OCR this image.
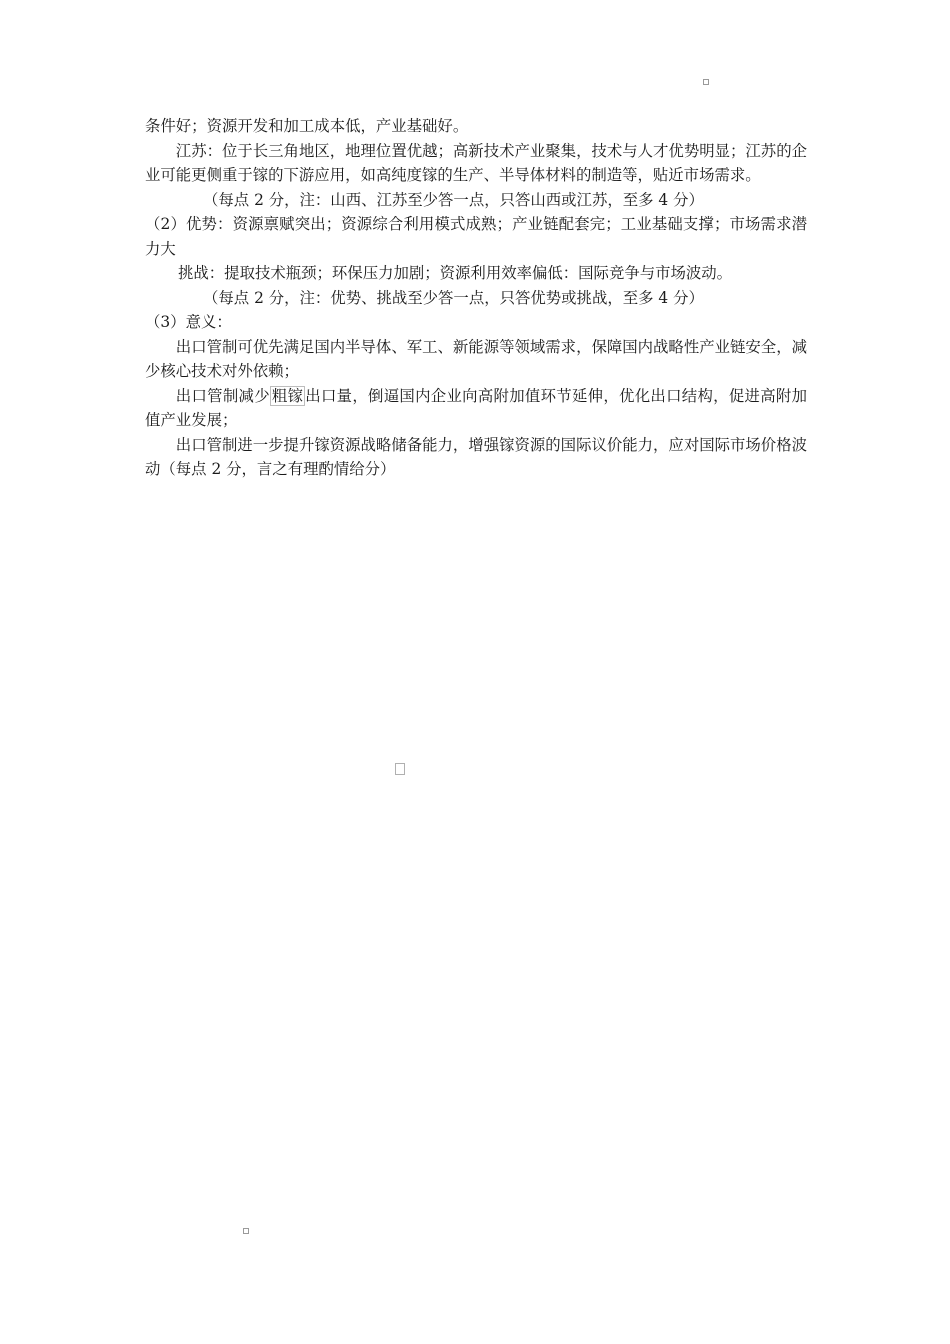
条件好；资源开发和加工成本低，产业基础好。

江苏：位于长三角地区，地理位置优越；高新技术产业聚集，技术与人才优势明显；江苏的企业可能更侧重于镓的下游应用，如高纯度镓的生产、半导体材料的制造等，贴近市场需求。

（每点 2 分，注：山西、江苏至少答一点，只答山西或江苏，至多 4 分）

（2）优势：资源禀赋突出；资源综合利用模式成熟；产业链配套完；工业基础支撑；市场需求潜力大

挑战：提取技术瓶颈；环保压力加剧；资源利用效率偏低：国际竞争与市场波动。

（每点 2 分，注：优势、挑战至少答一点，只答优势或挑战，至多 4 分）

（3）意义：

出口管制可优先满足国内半导体、军工、新能源等领域需求，保障国内战略性产业链安全，减少核心技术对外依赖；

出口管制减少 粗镓 出口量，倒逼国内企业向高附加值环节延伸，优化出口结构，促进高附加值产业发展；

出口管制进一步提升镓资源战略储备能力，增强镓资源的国际议价能力，应对国际市场价格波动（每点 2 分，言之有理酌情给分）
